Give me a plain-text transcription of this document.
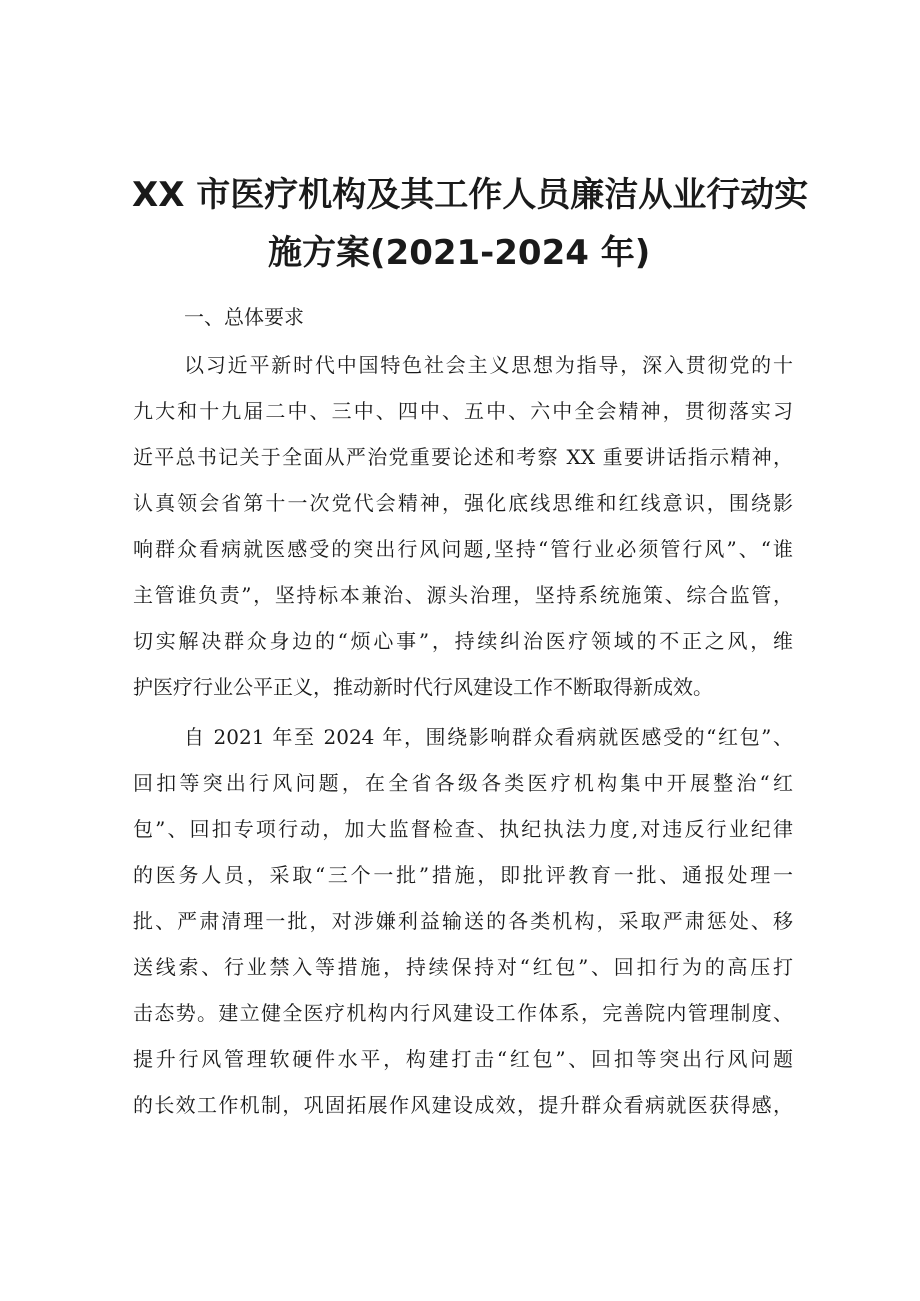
XX 市医疗机构及其工作人员廉洁从业行动实
施方案(2021-2024 年)
一、总体要求
以习近平新时代中国特色社会主义思想为指导，深入贯彻党的十
九大和十九届二中、三中、四中、五中、六中全会精神，贯彻落实习
近平总书记关于全面从严治党重要论述和考察 XX 重要讲话指示精神，
认真领会省第十一次党代会精神，强化底线思维和红线意识，围绕影
响群众看病就医感受的突出行风问题,坚持“管行业必须管行风”、“谁
主管谁负责”，坚持标本兼治、源头治理，坚持系统施策、综合监管，
切实解决群众身边的“烦心事”，持续纠治医疗领域的不正之风，维
护医疗行业公平正义，推动新时代行风建设工作不断取得新成效。
自 2021 年至 2024 年，围绕影响群众看病就医感受的“红包”、
回扣等突出行风问题，在全省各级各类医疗机构集中开展整治“红
包”、回扣专项行动，加大监督检查、执纪执法力度,对违反行业纪律
的医务人员，采取“三个一批”措施，即批评教育一批、通报处理一
批、严肃清理一批，对涉嫌利益输送的各类机构，采取严肃惩处、移
送线索、行业禁入等措施，持续保持对“红包”、回扣行为的高压打
击态势。建立健全医疗机构内行风建设工作体系，完善院内管理制度、
提升行风管理软硬件水平，构建打击“红包”、回扣等突出行风问题
的长效工作机制，巩固拓展作风建设成效，提升群众看病就医获得感，
